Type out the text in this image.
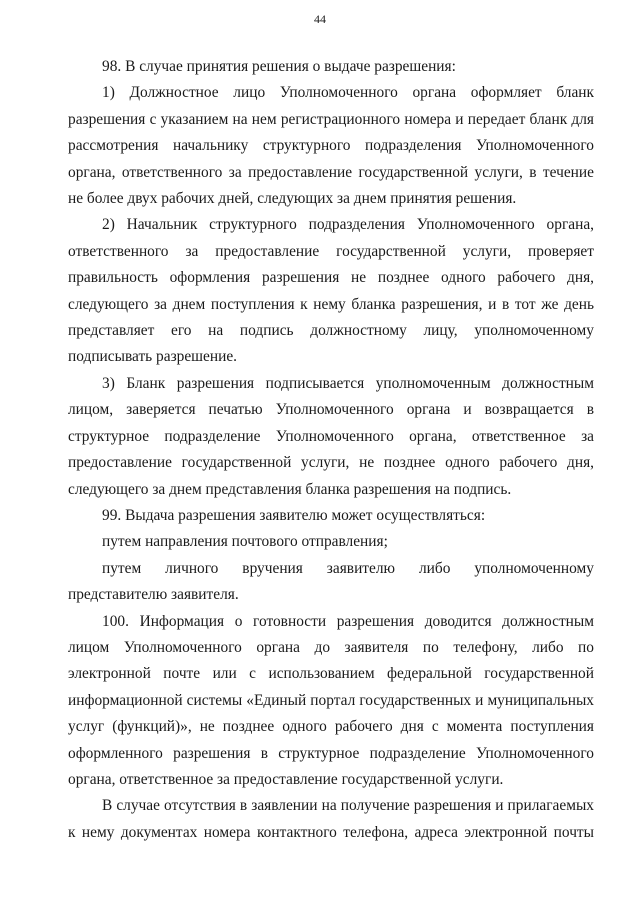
44

98. В случае принятия решения о выдаче разрешения:

1) Должностное лицо Уполномоченного органа оформляет бланк разрешения с указанием на нем регистрационного номера и передает бланк для рассмотрения начальнику структурного подразделения Уполномоченного органа, ответственного за предоставление государственной услуги, в течение не более двух рабочих дней, следующих за днем принятия решения.

2) Начальник структурного подразделения Уполномоченного органа, ответственного за предоставление государственной услуги, проверяет правильность оформления разрешения не позднее одного рабочего дня, следующего за днем поступления к нему бланка разрешения, и в тот же день представляет его на подпись должностному лицу, уполномоченному подписывать разрешение.

3) Бланк разрешения подписывается уполномоченным должностным лицом, заверяется печатью Уполномоченного органа и возвращается в структурное подразделение Уполномоченного органа, ответственное за предоставление государственной услуги, не позднее одного рабочего дня, следующего за днем представления бланка разрешения на подпись.

99. Выдача разрешения заявителю может осуществляться:

путем направления почтового отправления;

путем личного вручения заявителю либо уполномоченному представителю заявителя.

100. Информация о готовности разрешения доводится должностным лицом Уполномоченного органа до заявителя по телефону, либо по электронной почте или с использованием федеральной государственной информационной системы «Единый портал государственных и муниципальных услуг (функций)», не позднее одного рабочего дня с момента поступления оформленного разрешения в структурное подразделение Уполномоченного органа, ответственное за предоставление государственной услуги.

В случае отсутствия в заявлении на получение разрешения и прилагаемых к нему документах номера контактного телефона, адреса электронной почты
